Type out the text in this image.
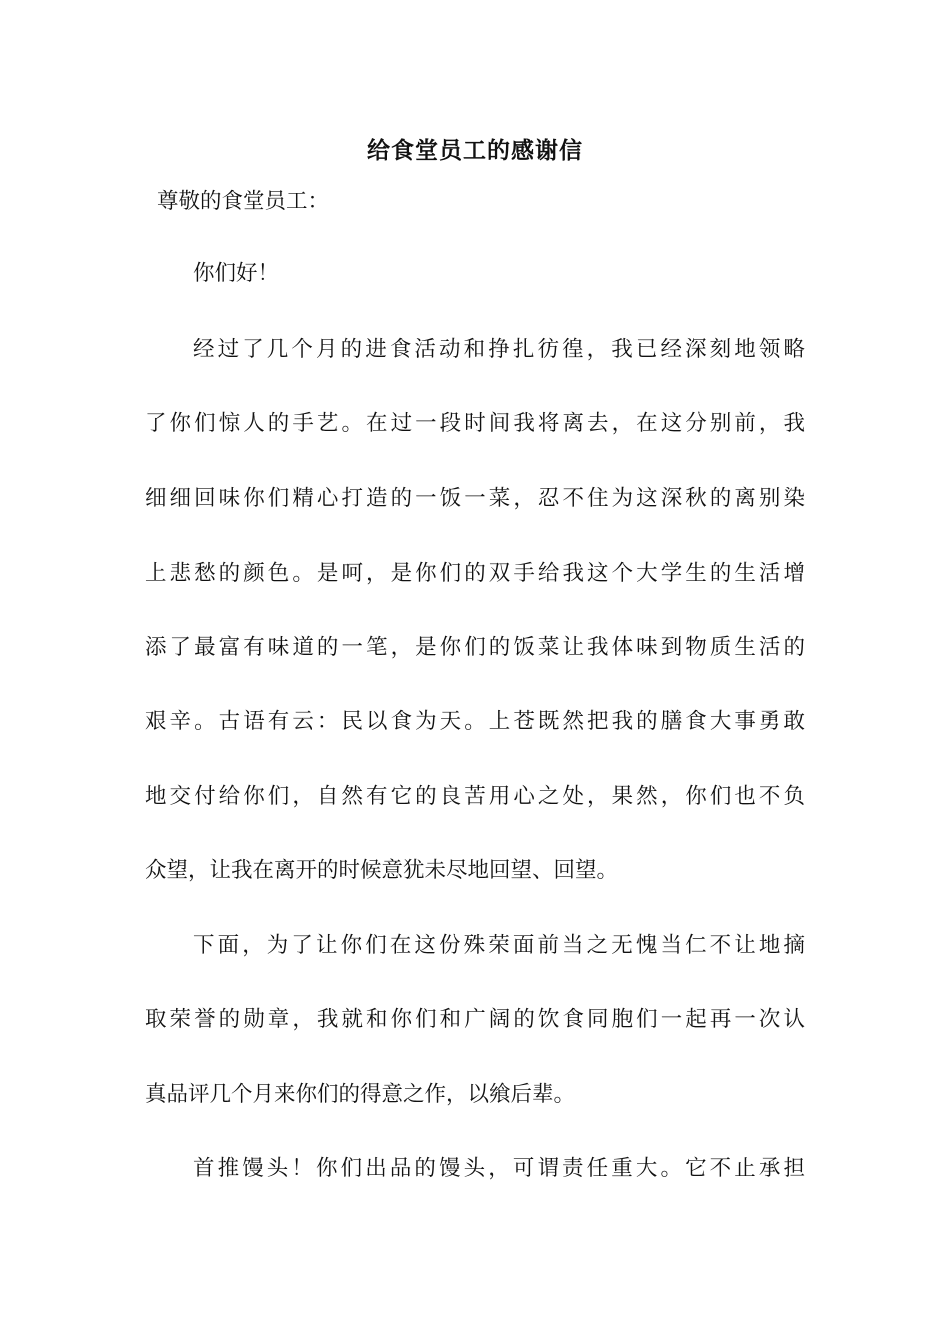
给食堂员工的感谢信
尊敬的食堂员工：
你们好！
经过了几个月的进食活动和挣扎彷徨，我已经深刻地领略
了你们惊人的手艺。在过一段时间我将离去，在这分别前，我
细细回味你们精心打造的一饭一菜，忍不住为这深秋的离别染
上悲愁的颜色。是呵，是你们的双手给我这个大学生的生活增
添了最富有味道的一笔，是你们的饭菜让我体味到物质生活的
艰辛。古语有云：民以食为天。上苍既然把我的膳食大事勇敢
地交付给你们，自然有它的良苦用心之处，果然，你们也不负
众望，让我在离开的时候意犹未尽地回望、回望。
下面，为了让你们在这份殊荣面前当之无愧当仁不让地摘
取荣誉的勋章，我就和你们和广阔的饮食同胞们一起再一次认
真品评几个月来你们的得意之作，以飨后辈。
首推馒头！你们出品的馒头，可谓责任重大。它不止承担
